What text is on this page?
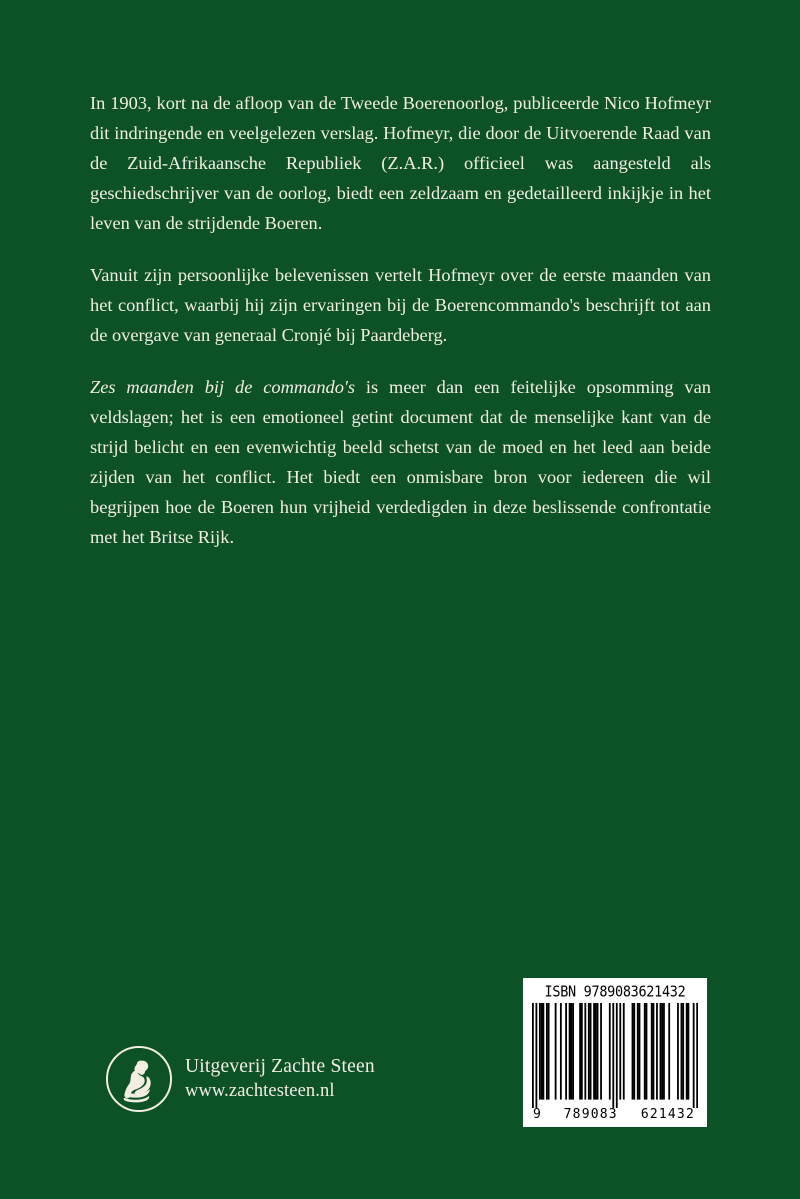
In 1903, kort na de afloop van de Tweede Boerenoorlog, publiceerde Nico Hofmeyr dit indringende en veelgelezen verslag. Hofmeyr, die door de Uitvoerende Raad van de Zuid-Afrikaansche Republiek (Z.A.R.) officieel was aangesteld als geschiedschrijver van de oorlog, biedt een zeldzaam en gedetailleerd inkijkje in het leven van de strijdende Boeren.

Vanuit zijn persoonlijke belevenissen vertelt Hofmeyr over de eerste maanden van het conflict, waarbij hij zijn ervaringen bij de Boerencommando's beschrijft tot aan de overgave van generaal Cronjé bij Paardeberg.

Zes maanden bij de commando's is meer dan een feitelijke opsomming van veldslagen; het is een emotioneel getint document dat de menselijke kant van de strijd belicht en een evenwichtig beeld schetst van de moed en het leed aan beide zijden van het conflict. Het biedt een onmisbare bron voor iedereen die wil begrijpen hoe de Boeren hun vrijheid verdedigden in deze beslissende confrontatie met het Britse Rijk.

Uitgeverij Zachte Steen
www.zachtesteen.nl
ISBN 9789083621432
9 789083 621432
